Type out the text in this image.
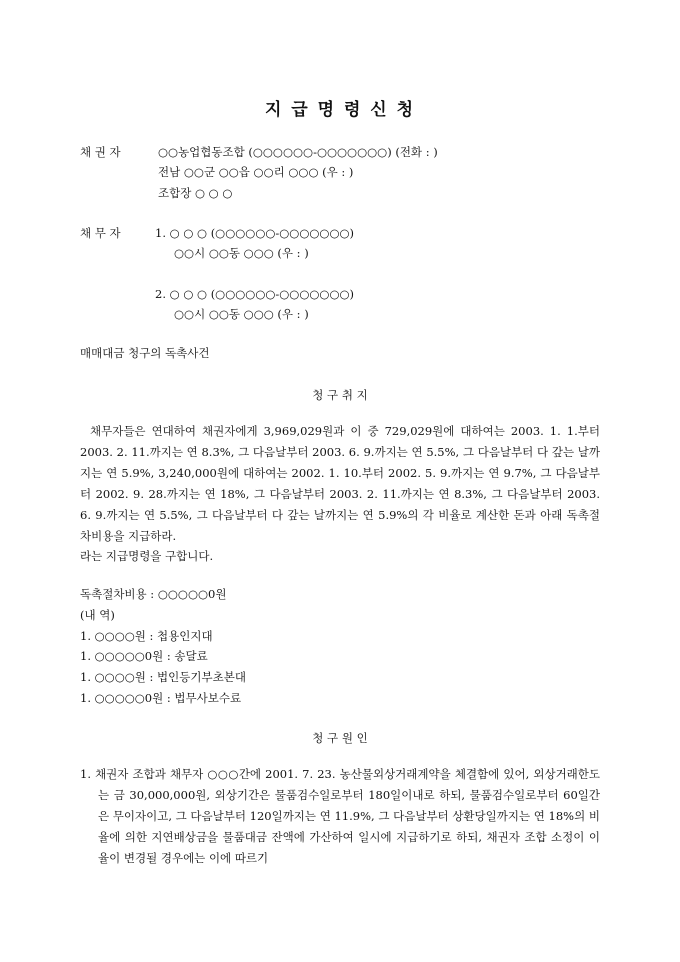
지 급 명 령 신 청
채 권 자	○○농업협동조합 (○○○○○○-○○○○○○○) (전화 : )
전남 ○○군 ○○읍 ○○리 ○○○ (우 : )
조합장 ○ ○ ○
채 무 자	1. ○ ○ ○ (○○○○○○-○○○○○○○)
○○시 ○○동 ○○○ (우 : )
2. ○ ○ ○ (○○○○○○-○○○○○○○)
○○시 ○○동 ○○○ (우 : )
매매대금 청구의 독촉사건
청 구 취 지
채무자들은 연대하여 채권자에게 3,969,029원과 이 중 729,029원에 대하여는 2003. 1. 1.부터 2003. 2. 11.까지는 연 8.3%, 그 다음날부터 2003. 6. 9.까지는 연 5.5%, 그 다음날부터 다 갚는 날까지는 연 5.9%, 3,240,000원에 대하여는 2002. 1. 10.부터 2002. 5. 9.까지는 연 9.7%, 그 다음날부터 2002. 9. 28.까지는 연 18%, 그 다음날부터 2003. 2. 11.까지는 연 8.3%, 그 다음날부터 2003. 6. 9.까지는 연 5.5%, 그 다음날부터 다 갚는 날까지는 연 5.9%의 각 비율로 계산한 돈과 아래 독촉절차비용을 지급하라.
라는 지급명령을 구합니다.
독촉절차비용 : ○○○○○0원
(내 역)
1. ○○○○원 : 첩용인지대
1. ○○○○○0원 : 송달료
1. ○○○○원 : 법인등기부초본대
1. ○○○○○0원 : 법무사보수료
청 구 원 인
1. 채권자 조합과 채무자 ○○○간에 2001. 7. 23. 농산물외상거래계약을 체결함에 있어, 외상거래한도는 금 30,000,000원, 외상기간은 물품검수일로부터 180일이내로 하되, 물품검수일로부터 60일간은 무이자이고, 그 다음날부터 120일까지는 연 11.9%, 그 다음날부터 상환당일까지는 연 18%의 비율에 의한 지연배상금을 물품대금 잔액에 가산하여 일시에 지급하기로 하되, 채권자 조합 소정이 이율이 변경될 경우에는 이에 따르기
